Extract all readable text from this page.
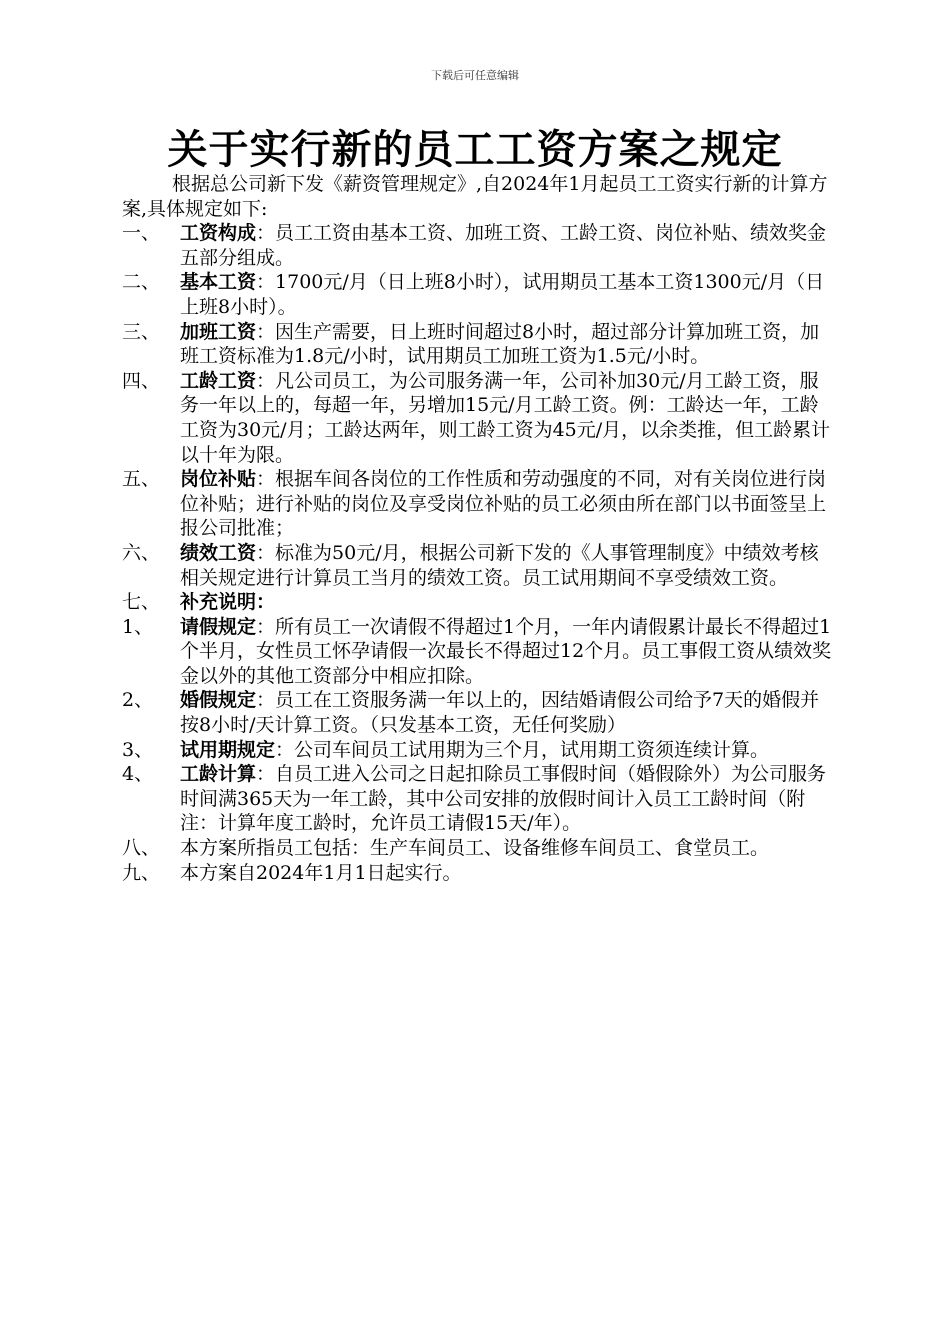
下载后可任意编辑
关于实行新的员工工资方案之规定

根据总公司新下发《薪资管理规定》,自2024年1月起员工工资实行新的计算方案,具体规定如下:

一、	工资构成：员工工资由基本工资、加班工资、工龄工资、岗位补贴、绩效奖金五部分组成。
二、	基本工资：1700元/月（日上班8小时），试用期员工基本工资1300元/月（日上班8小时）。
三、	加班工资：因生产需要，日上班时间超过8小时，超过部分计算加班工资，加班工资标准为1.8元/小时，试用期员工加班工资为1.5元/小时。
四、	工龄工资：凡公司员工，为公司服务满一年，公司补加30元/月工龄工资，服务一年以上的，每超一年，另增加15元/月工龄工资。例：工龄达一年，工龄工资为30元/月；工龄达两年，则工龄工资为45元/月，以余类推，但工龄累计以十年为限。
五、	岗位补贴：根据车间各岗位的工作性质和劳动强度的不同，对有关岗位进行岗位补贴；进行补贴的岗位及享受岗位补贴的员工必须由所在部门以书面签呈上报公司批准；
六、	绩效工资：标准为50元/月，根据公司新下发的《人事管理制度》中绩效考核相关规定进行计算员工当月的绩效工资。员工试用期间不享受绩效工资。
七、	补充说明：
1、	请假规定：所有员工一次请假不得超过1个月，一年内请假累计最长不得超过1个半月，女性员工怀孕请假一次最长不得超过12个月。员工事假工资从绩效奖金以外的其他工资部分中相应扣除。
2、	婚假规定：员工在工资服务满一年以上的，因结婚请假公司给予7天的婚假并按8小时/天计算工资。（只发基本工资，无任何奖励）
3、	试用期规定：公司车间员工试用期为三个月，试用期工资须连续计算。
4、	工龄计算：自员工进入公司之日起扣除员工事假时间（婚假除外）为公司服务时间满365天为一年工龄，其中公司安排的放假时间计入员工工龄时间（附注：计算年度工龄时，允许员工请假15天/年）。
八、	本方案所指员工包括：生产车间员工、设备维修车间员工、食堂员工。
九、	本方案自2024年1月1日起实行。
